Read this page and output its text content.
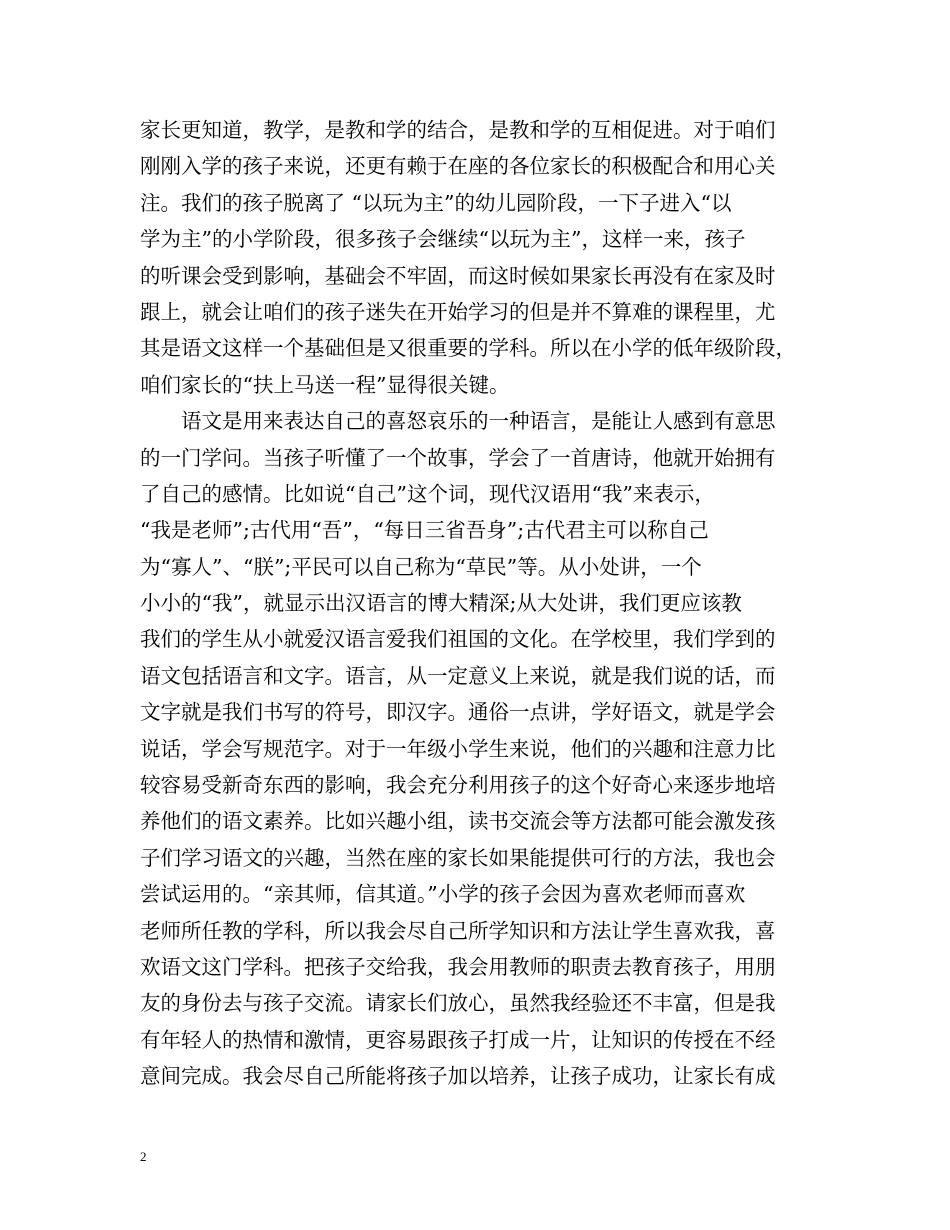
家长更知道，教学，是教和学的结合，是教和学的互相促进。对于咱们
刚刚入学的孩子来说，还更有赖于在座的各位家长的积极配合和用心关
注。我们的孩子脱离了 “以玩为主”的幼儿园阶段，一下子进入“以
学为主”的小学阶段，很多孩子会继续“以玩为主”，这样一来，孩子
的听课会受到影响，基础会不牢固，而这时候如果家长再没有在家及时
跟上，就会让咱们的孩子迷失在开始学习的但是并不算难的课程里，尤
其是语文这样一个基础但是又很重要的学科。所以在小学的低年级阶段，
咱们家长的“扶上马送一程”显得很关键。
　　语文是用来表达自己的喜怒哀乐的一种语言，是能让人感到有意思
的一门学问。当孩子听懂了一个故事，学会了一首唐诗，他就开始拥有
了自己的感情。比如说“自己”这个词，现代汉语用“我”来表示，
“我是老师”;古代用“吾”，“每日三省吾身”;古代君主可以称自己
为“寡人”、“朕”;平民可以自己称为“草民”等。从小处讲，一个
小小的“我”，就显示出汉语言的博大精深;从大处讲，我们更应该教
我们的学生从小就爱汉语言爱我们祖国的文化。在学校里，我们学到的
语文包括语言和文字。语言，从一定意义上来说，就是我们说的话，而
文字就是我们书写的符号，即汉字。通俗一点讲，学好语文，就是学会
说话，学会写规范字。对于一年级小学生来说，他们的兴趣和注意力比
较容易受新奇东西的影响，我会充分利用孩子的这个好奇心来逐步地培
养他们的语文素养。比如兴趣小组，读书交流会等方法都可能会激发孩
子们学习语文的兴趣，当然在座的家长如果能提供可行的方法，我也会
尝试运用的。“亲其师，信其道。”小学的孩子会因为喜欢老师而喜欢
老师所任教的学科，所以我会尽自己所学知识和方法让学生喜欢我，喜
欢语文这门学科。把孩子交给我，我会用教师的职责去教育孩子，用朋
友的身份去与孩子交流。请家长们放心，虽然我经验还不丰富，但是我
有年轻人的热情和激情，更容易跟孩子打成一片，让知识的传授在不经
意间完成。我会尽自己所能将孩子加以培养，让孩子成功，让家长有成
2
